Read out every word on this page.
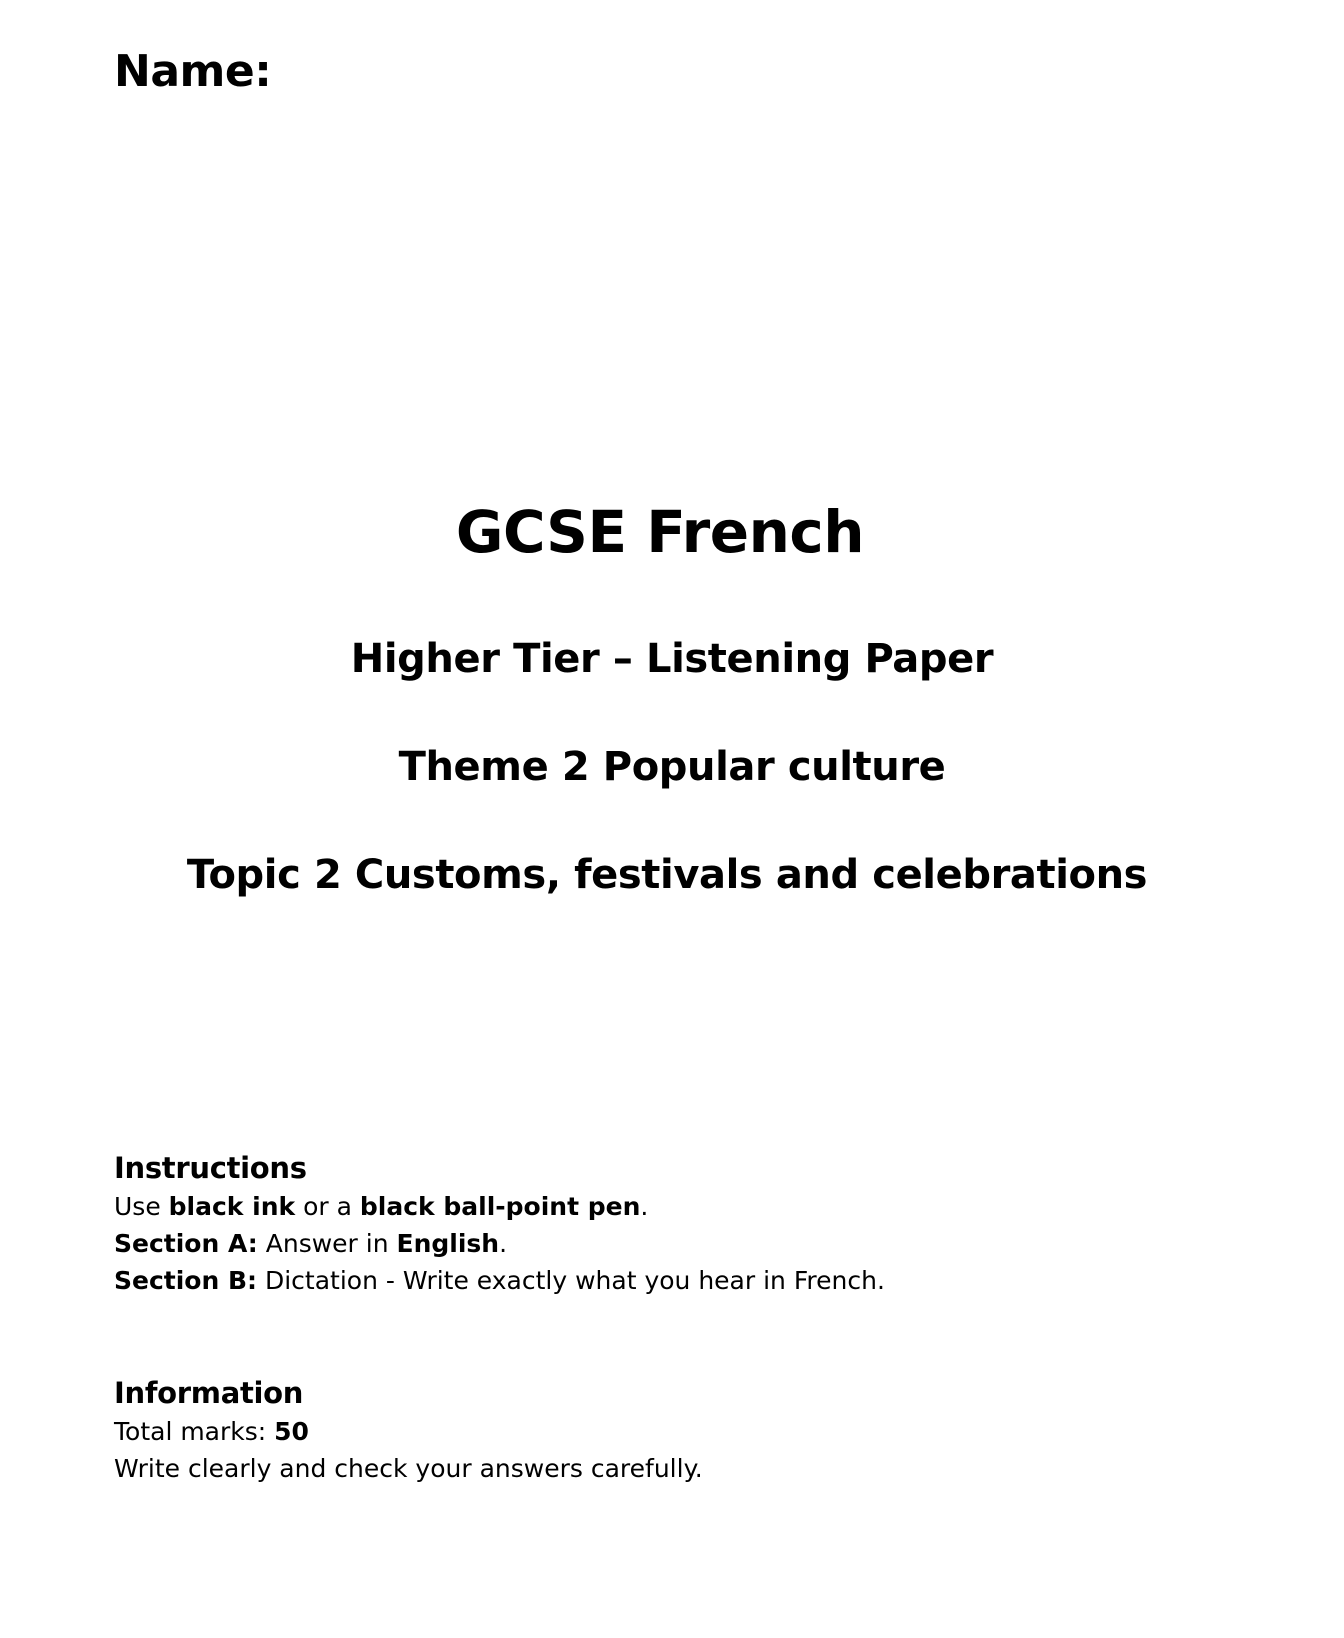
Name:
GCSE French
Higher Tier – Listening Paper
Theme 2 Popular culture
Topic 2 Customs, festivals and celebrations
Instructions
Use black ink or a black ball-point pen.
Section A: Answer in English.
Section B: Dictation - Write exactly what you hear in French.
Information
Total marks: 50
Write clearly and check your answers carefully.
